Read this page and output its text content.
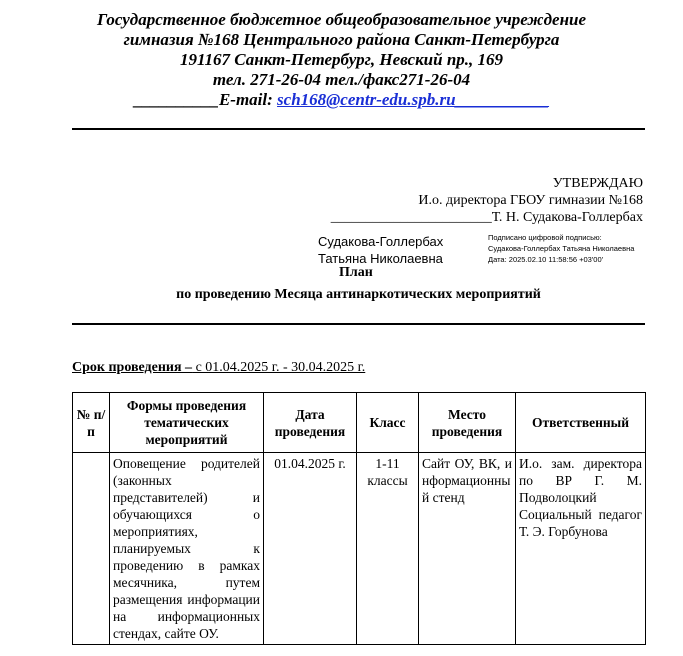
Государственное бюджетное общеобразовательное учреждение
гимназия №168 Центрального района Санкт-Петербурга
191167 Санкт-Петербург, Невский пр., 169
тел. 271-26-04 тел./факс271-26-04
__________E-mail: sch168@centr-edu.spb.ru___________
УТВЕРЖДАЮ
И.о. директора ГБОУ гимназии №168
_______________________Т. Н. Судакова-Голлербах
Судакова-Голлербах
Татьяна Николаевна
Подписано цифровой подписью:
Судакова-Голлербах Татьяна Николаевна
Дата: 2025.02.10 11:58:56 +03'00'
План
по проведению Месяца антинаркотических мероприятий
Срок проведения – с 01.04.2025 г. - 30.04.2025 г.
№ п/п	Формы проведения тематических мероприятий	Дата проведения	Класс	Место проведения	Ответственный
	Оповещение родителей (законных представителей) и обучающихся о мероприятиях, планируемых к проведению в рамках месячника, путем размещения информации на информационных стендах, сайте ОУ.	01.04.2025 г.	1-11 классы	Сайт ОУ, ВК, информационный стенд	И.о. зам. директора по ВР Г. М. Подволоцкий Социальный педагог Т. Э. Горбунова
